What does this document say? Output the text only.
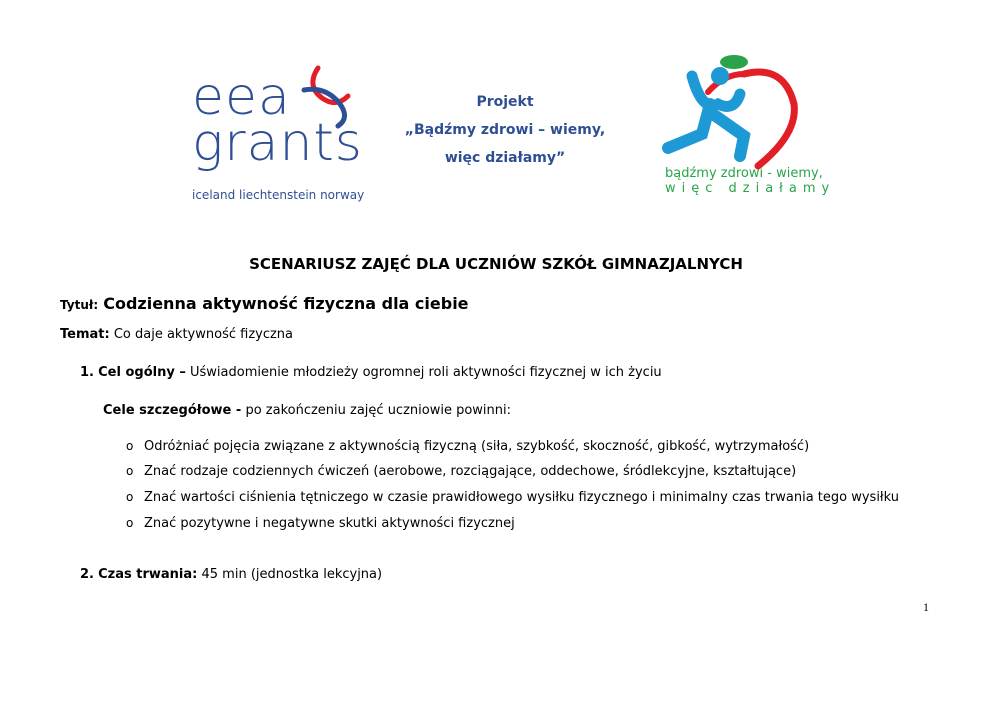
eea
grants
iceland liechtenstein norway
Projekt
„Bądźmy zdrowi – wiemy,
więc działamy”
bądźmy zdrowi - wiemy,
więc działamy
SCENARIUSZ ZAJĘĆ DLA UCZNIÓW SZKÓŁ GIMNAZJALNYCH
Tytuł: Codzienna aktywność fizyczna dla ciebie
Temat: Co daje aktywność fizyczna
1. Cel ogólny – Uświadomienie młodzieży ogromnej roli aktywności fizycznej w ich życiu
Cele szczegółowe - po zakończeniu zajęć uczniowie powinni:
o Odróżniać pojęcia związane z aktywnością fizyczną (siła, szybkość, skoczność, gibkość, wytrzymałość)
o Znać rodzaje codziennych ćwiczeń (aerobowe, rozciągające, oddechowe, śródlekcyjne, kształtujące)
o Znać wartości ciśnienia tętniczego w czasie prawidłowego wysiłku fizycznego i minimalny czas trwania tego wysiłku
o Znać pozytywne i negatywne skutki aktywności fizycznej
2. Czas trwania: 45 min (jednostka lekcyjna)
1
